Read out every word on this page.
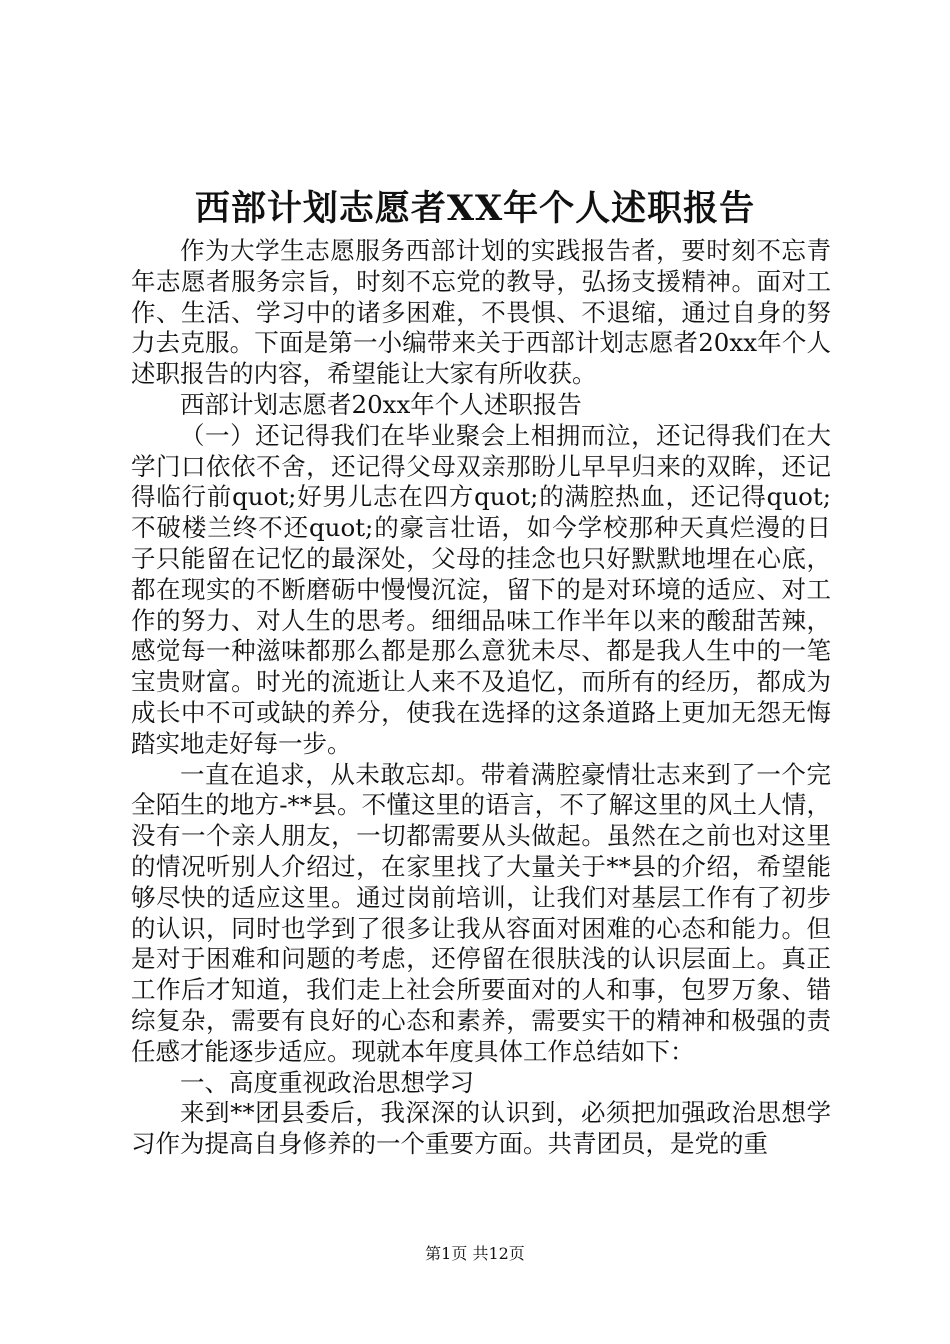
西部计划志愿者XX年个人述职报告

作为大学生志愿服务西部计划的实践报告者，要时刻不忘青年志愿者服务宗旨，时刻不忘党的教导，弘扬支援精神。面对工作、生活、学习中的诸多困难，不畏惧、不退缩，通过自身的努力去克服。下面是第一小编带来关于西部计划志愿者20xx年个人述职报告的内容，希望能让大家有所收获。

西部计划志愿者20xx年个人述职报告

（一）还记得我们在毕业聚会上相拥而泣，还记得我们在大学门口依依不舍，还记得父母双亲那盼儿早早归来的双眸，还记得临行前quot;好男儿志在四方quot;的满腔热血，还记得quot;不破楼兰终不还quot;的豪言壮语，如今学校那种天真烂漫的日子只能留在记忆的最深处，父母的挂念也只好默默地埋在心底，都在现实的不断磨砺中慢慢沉淀，留下的是对环境的适应、对工作的努力、对人生的思考。细细品味工作半年以来的酸甜苦辣，感觉每一种滋味都那么都是那么意犹未尽、都是我人生中的一笔宝贵财富。时光的流逝让人来不及追忆，而所有的经历，都成为成长中不可或缺的养分，使我在选择的这条道路上更加无怨无悔踏实地走好每一步。

一直在追求，从未敢忘却。带着满腔豪情壮志来到了一个完全陌生的地方-**县。不懂这里的语言，不了解这里的风土人情，没有一个亲人朋友，一切都需要从头做起。虽然在之前也对这里的情况听别人介绍过，在家里找了大量关于**县的介绍，希望能够尽快的适应这里。通过岗前培训，让我们对基层工作有了初步的认识，同时也学到了很多让我从容面对困难的心态和能力。但是对于困难和问题的考虑，还停留在很肤浅的认识层面上。真正工作后才知道，我们走上社会所要面对的人和事，包罗万象、错综复杂，需要有良好的心态和素养，需要实干的精神和极强的责任感才能逐步适应。现就本年度具体工作总结如下：

一、高度重视政治思想学习

来到**团县委后，我深深的认识到，必须把加强政治思想学习作为提高自身修养的一个重要方面。共青团员，是党的重

第1页 共12页
